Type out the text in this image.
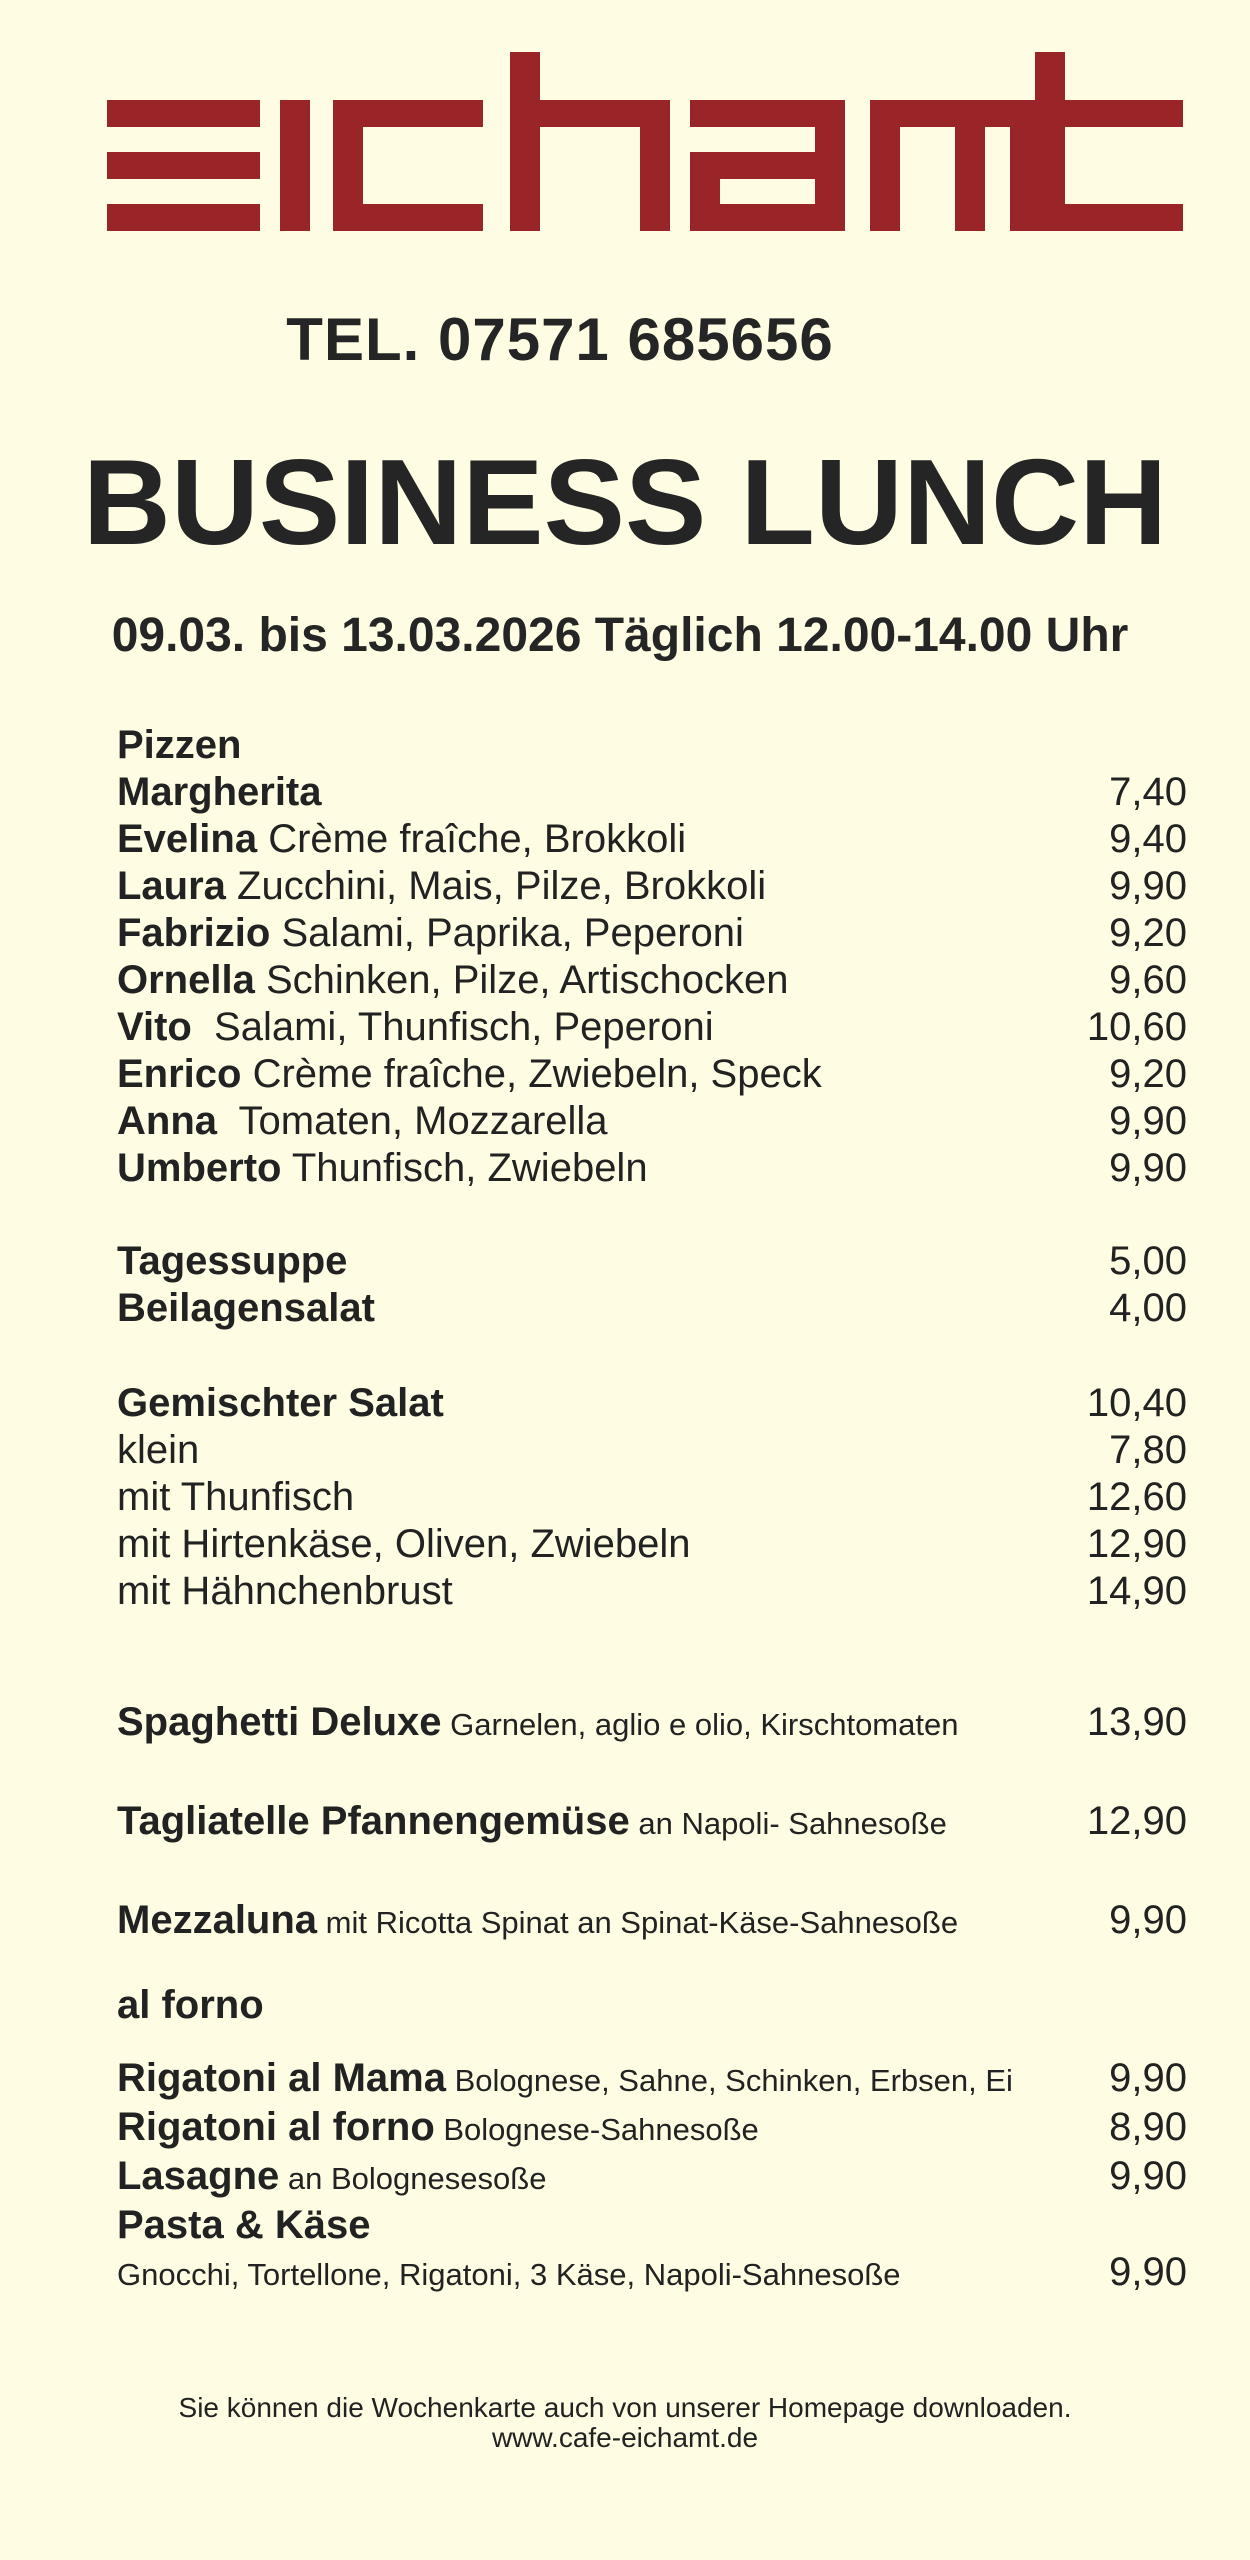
TEL. 07571 685656
BUSINESS LUNCH
09.03. bis 13.03.2026 Täglich 12.00-14.00 Uhr
Pizzen
Margherita	7,40
Evelina Crème fraîche, Brokkoli	9,40
Laura Zucchini, Mais, Pilze, Brokkoli	9,90
Fabrizio Salami, Paprika, Peperoni	9,20
Ornella Schinken, Pilze, Artischocken	9,60
Vito  Salami, Thunfisch, Peperoni	10,60
Enrico Crème fraîche, Zwiebeln, Speck	9,20
Anna  Tomaten, Mozzarella	9,90
Umberto Thunfisch, Zwiebeln	9,90
Tagessuppe	5,00
Beilagensalat	4,00
Gemischter Salat	10,40
klein	7,80
mit Thunfisch	12,60
mit Hirtenkäse, Oliven, Zwiebeln	12,90
mit Hähnchenbrust	14,90
Spaghetti Deluxe Garnelen, aglio e olio, Kirschtomaten	13,90
Tagliatelle Pfannengemüse an Napoli- Sahnesoße	12,90
Mezzaluna mit Ricotta Spinat an Spinat-Käse-Sahnesoße	9,90
al forno
Rigatoni al Mama Bolognese, Sahne, Schinken, Erbsen, Ei	9,90
Rigatoni al forno Bolognese-Sahnesoße	8,90
Lasagne an Bolognesesoße	9,90
Pasta & Käse
Gnocchi, Tortellone, Rigatoni, 3 Käse, Napoli-Sahnesoße	9,90
Sie können die Wochenkarte auch von unserer Homepage downloaden.
www.cafe-eichamt.de
